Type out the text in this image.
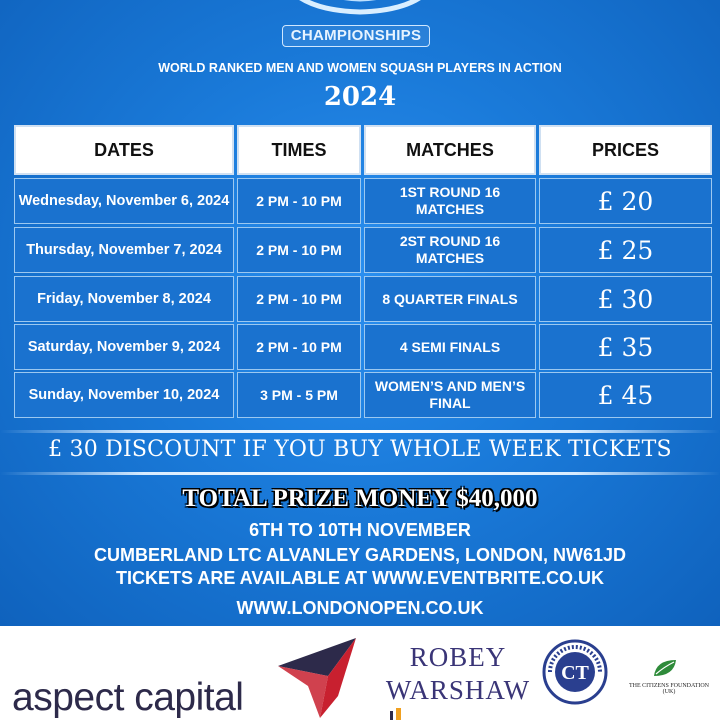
CHAMPIONSHIPS
WORLD RANKED MEN AND WOMEN SQUASH PLAYERS IN ACTION
2024
DATES
Wednesday, November 6, 2024
Thursday, November 7, 2024
Friday, November 8, 2024
Saturday, November 9, 2024
Sunday, November 10, 2024
TIMES
2 PM - 10 PM
2 PM - 10 PM
2 PM - 10 PM
2 PM - 10 PM
3 PM - 5 PM
MATCHES
1ST ROUND 16 MATCHES
2ST ROUND 16 MATCHES
8 QUARTER FINALS
4 SEMI FINALS
WOMEN’S AND MEN’S FINAL
PRICES
£ 20
£ 25
£ 30
£ 35
£ 45
£ 30 DISCOUNT IF YOU BUY WHOLE WEEK TICKETS
TOTAL PRIZE MONEY $40,000
6TH TO 10TH NOVEMBER
CUMBERLAND LTC ALVANLEY GARDENS, LONDON, NW61JD
TICKETS ARE AVAILABLE AT WWW.EVENTBRITE.CO.UK
WWW.LONDONOPEN.CO.UK
aspect capital
ROBEY
WARSHAW
CT
THE CITIZENS FOUNDATION (UK)
